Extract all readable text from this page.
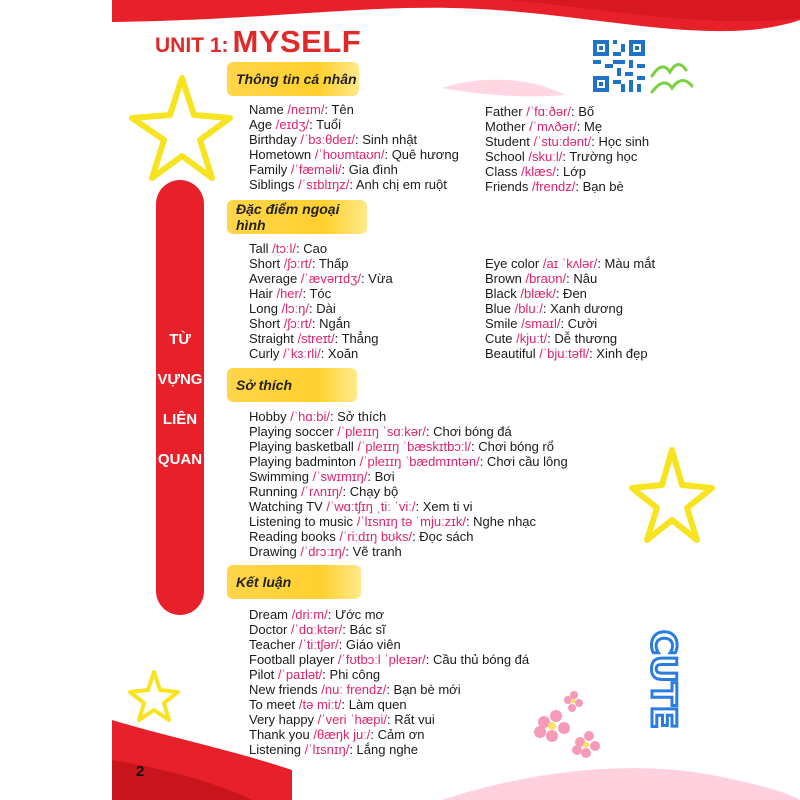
CUTE
UNIT 1: MYSELF
TỪ
VỰNG
LIÊN
QUAN
Thông tin cá nhân
Name /neɪm/: Tên
Age /eɪdʒ/: Tuổi
Birthday /ˈbɜːθdeɪ/: Sinh nhật
Hometown /ˈhoʊmtaʊn/: Quê hương
Family /ˈfæməli/: Gia đình
Siblings /ˈsɪblɪŋz/: Anh chị em ruột
Father /ˈfɑːðər/: Bố
Mother /ˈmʌðər/: Mẹ
Student /ˈstuːdənt/: Học sinh
School /skuːl/: Trường học
Class /klæs/: Lớp
Friends /frendz/: Bạn bè
Đặc điểm ngoại hình
Tall /tɔːl/: Cao
Short /ʃɔːrt/: Thấp
Average /ˈævərɪdʒ/: Vừa
Hair /her/: Tóc
Long /lɔːŋ/: Dài
Short /ʃɔːrt/: Ngắn
Straight /streɪt/: Thẳng
Curly /ˈkɜːrli/: Xoăn
Eye color /aɪ ˈkʌlər/: Màu mắt
Brown /braʊn/: Nâu
Black /blæk/: Đen
Blue /bluː/: Xanh dương
Smile /smaɪl/: Cười
Cute /kjuːt/: Dễ thương
Beautiful /ˈbjuːtəfl/: Xinh đẹp
Sở thích
Hobby /ˈhɑːbi/: Sở thích
Playing soccer /ˈpleɪɪŋ ˈsɑːkər/: Chơi bóng đá
Playing basketball /ˈpleɪɪŋ ˈbæskɪtbɔːl/: Chơi bóng rổ
Playing badminton /ˈpleɪɪŋ ˈbædmɪntən/: Chơi cầu lông
Swimming /ˈswɪmɪŋ/: Bơi
Running /ˈrʌnɪŋ/: Chạy bộ
Watching TV /ˈwɑːtʃɪŋ ˌtiː ˈviː/: Xem ti vi
Listening to music /ˈlɪsnɪŋ tə ˈmjuːzɪk/: Nghe nhạc
Reading books /ˈriːdɪŋ bʊks/: Đọc sách
Drawing /ˈdrɔːɪŋ/: Vẽ tranh
Kết luận
Dream /driːm/: Ước mơ
Doctor /ˈdɑːktər/: Bác sĩ
Teacher /ˈtiːtʃər/: Giáo viên
Football player /ˈfʊtbɔːl ˈpleɪər/: Cầu thủ bóng đá
Pilot /ˈpaɪlət/: Phi công
New friends /nuː frendz/: Bạn bè mới
To meet /tə miːt/: Làm quen
Very happy /ˈveri ˈhæpi/: Rất vui
Thank you /θæŋk juː/: Cảm ơn
Listening /ˈlɪsnɪŋ/: Lắng nghe
2
